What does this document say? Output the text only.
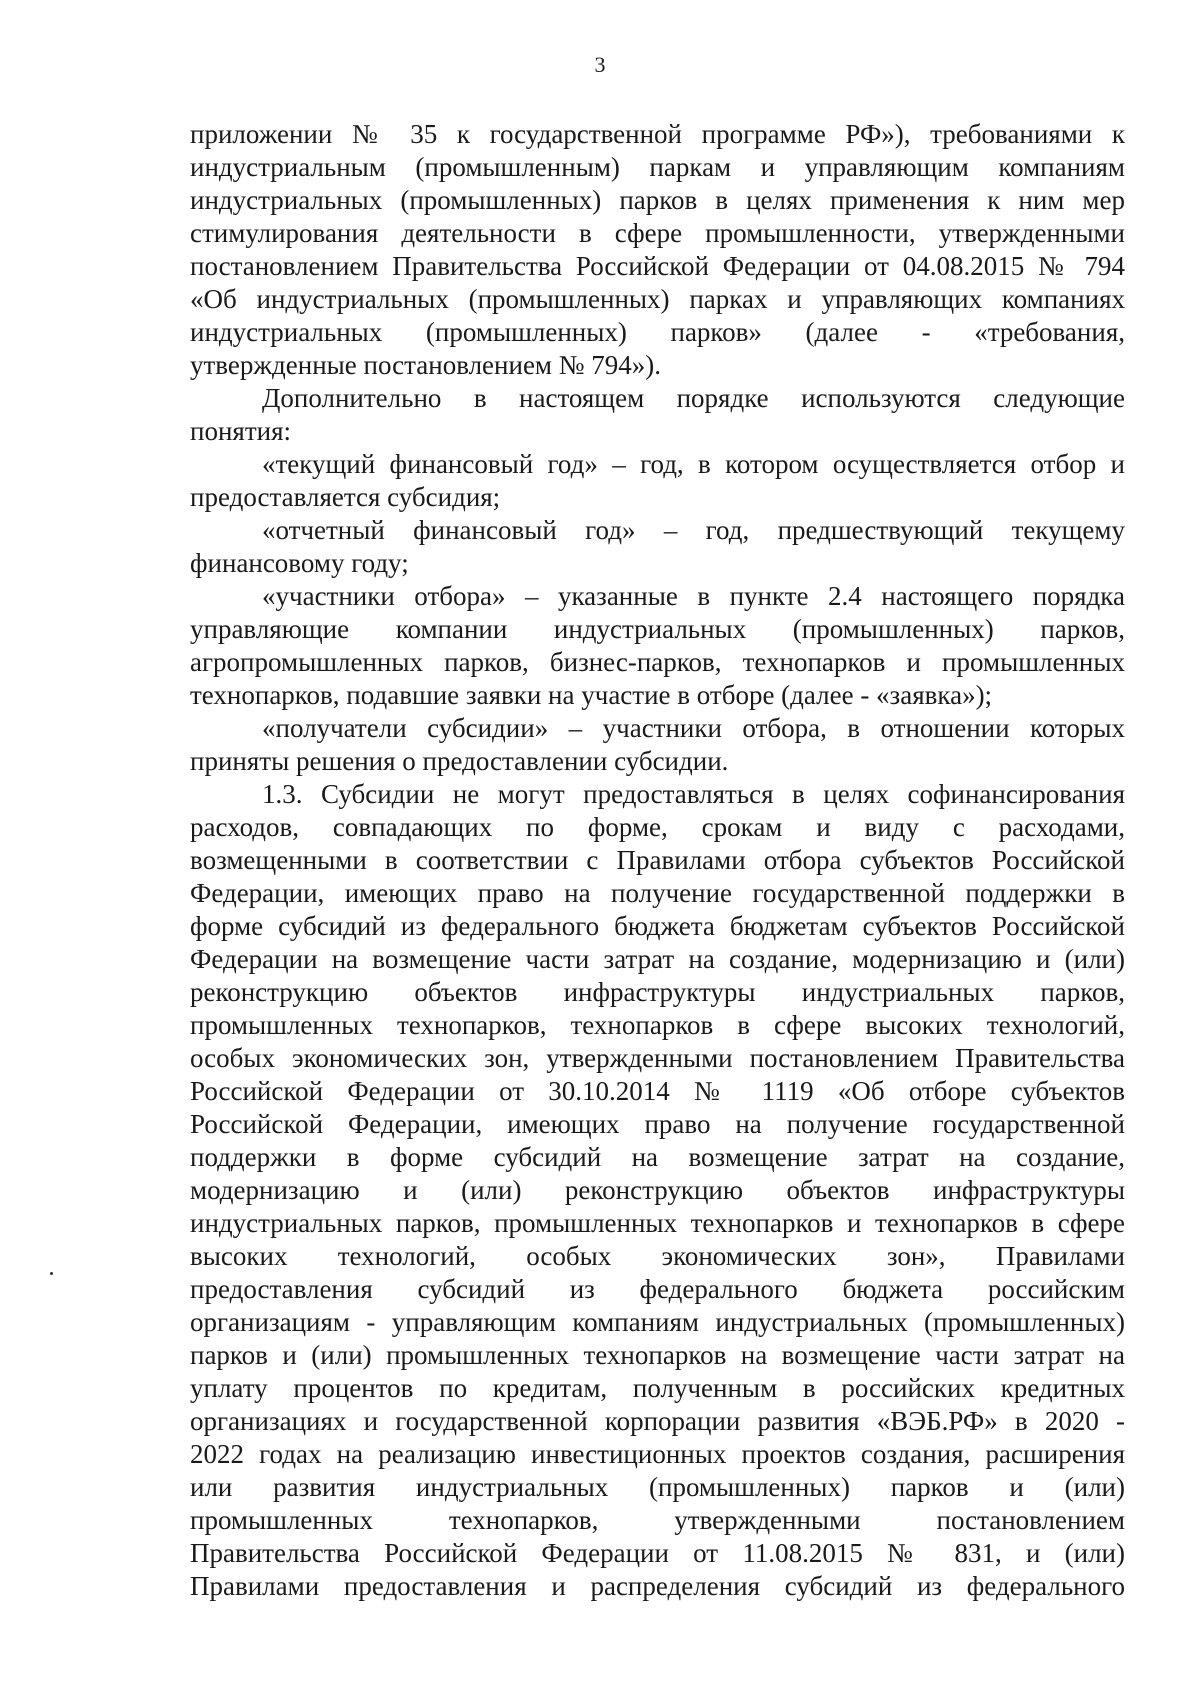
3
приложении № 35 к государственной программе РФ»), требованиями к
индустриальным (промышленным) паркам и управляющим компаниям
индустриальных (промышленных) парков в целях применения к ним мер
стимулирования деятельности в сфере промышленности, утвержденными
постановлением Правительства Российской Федерации от 04.08.2015 № 794
«Об индустриальных (промышленных) парках и управляющих компаниях
индустриальных (промышленных) парков» (далее - «требования,
утвержденные постановлением № 794»).
Дополнительно в настоящем порядке используются следующие
понятия:
«текущий финансовый год» – год, в котором осуществляется отбор и
предоставляется субсидия;
«отчетный финансовый год» – год, предшествующий текущему
финансовому году;
«участники отбора» – указанные в пункте 2.4 настоящего порядка
управляющие компании индустриальных (промышленных) парков,
агропромышленных парков, бизнес-парков, технопарков и промышленных
технопарков, подавшие заявки на участие в отборе (далее - «заявка»);
«получатели субсидии» – участники отбора, в отношении которых
приняты решения о предоставлении субсидии.
1.3. Субсидии не могут предоставляться в целях софинансирования
расходов, совпадающих по форме, срокам и виду с расходами,
возмещенными в соответствии с Правилами отбора субъектов Российской
Федерации, имеющих право на получение государственной поддержки в
форме субсидий из федерального бюджета бюджетам субъектов Российской
Федерации на возмещение части затрат на создание, модернизацию и (или)
реконструкцию объектов инфраструктуры индустриальных парков,
промышленных технопарков, технопарков в сфере высоких технологий,
особых экономических зон, утвержденными постановлением Правительства
Российской Федерации от 30.10.2014 № 1119 «Об отборе субъектов
Российской Федерации, имеющих право на получение государственной
поддержки в форме субсидий на возмещение затрат на создание,
модернизацию и (или) реконструкцию объектов инфраструктуры
индустриальных парков, промышленных технопарков и технопарков в сфере
высоких технологий, особых экономических зон», Правилами
предоставления субсидий из федерального бюджета российским
организациям - управляющим компаниям индустриальных (промышленных)
парков и (или) промышленных технопарков на возмещение части затрат на
уплату процентов по кредитам, полученным в российских кредитных
организациях и государственной корпорации развития «ВЭБ.РФ» в 2020 -
2022 годах на реализацию инвестиционных проектов создания, расширения
или развития индустриальных (промышленных) парков и (или)
промышленных технопарков, утвержденными постановлением
Правительства Российской Федерации от 11.08.2015 № 831, и (или)
Правилами предоставления и распределения субсидий из федерального
